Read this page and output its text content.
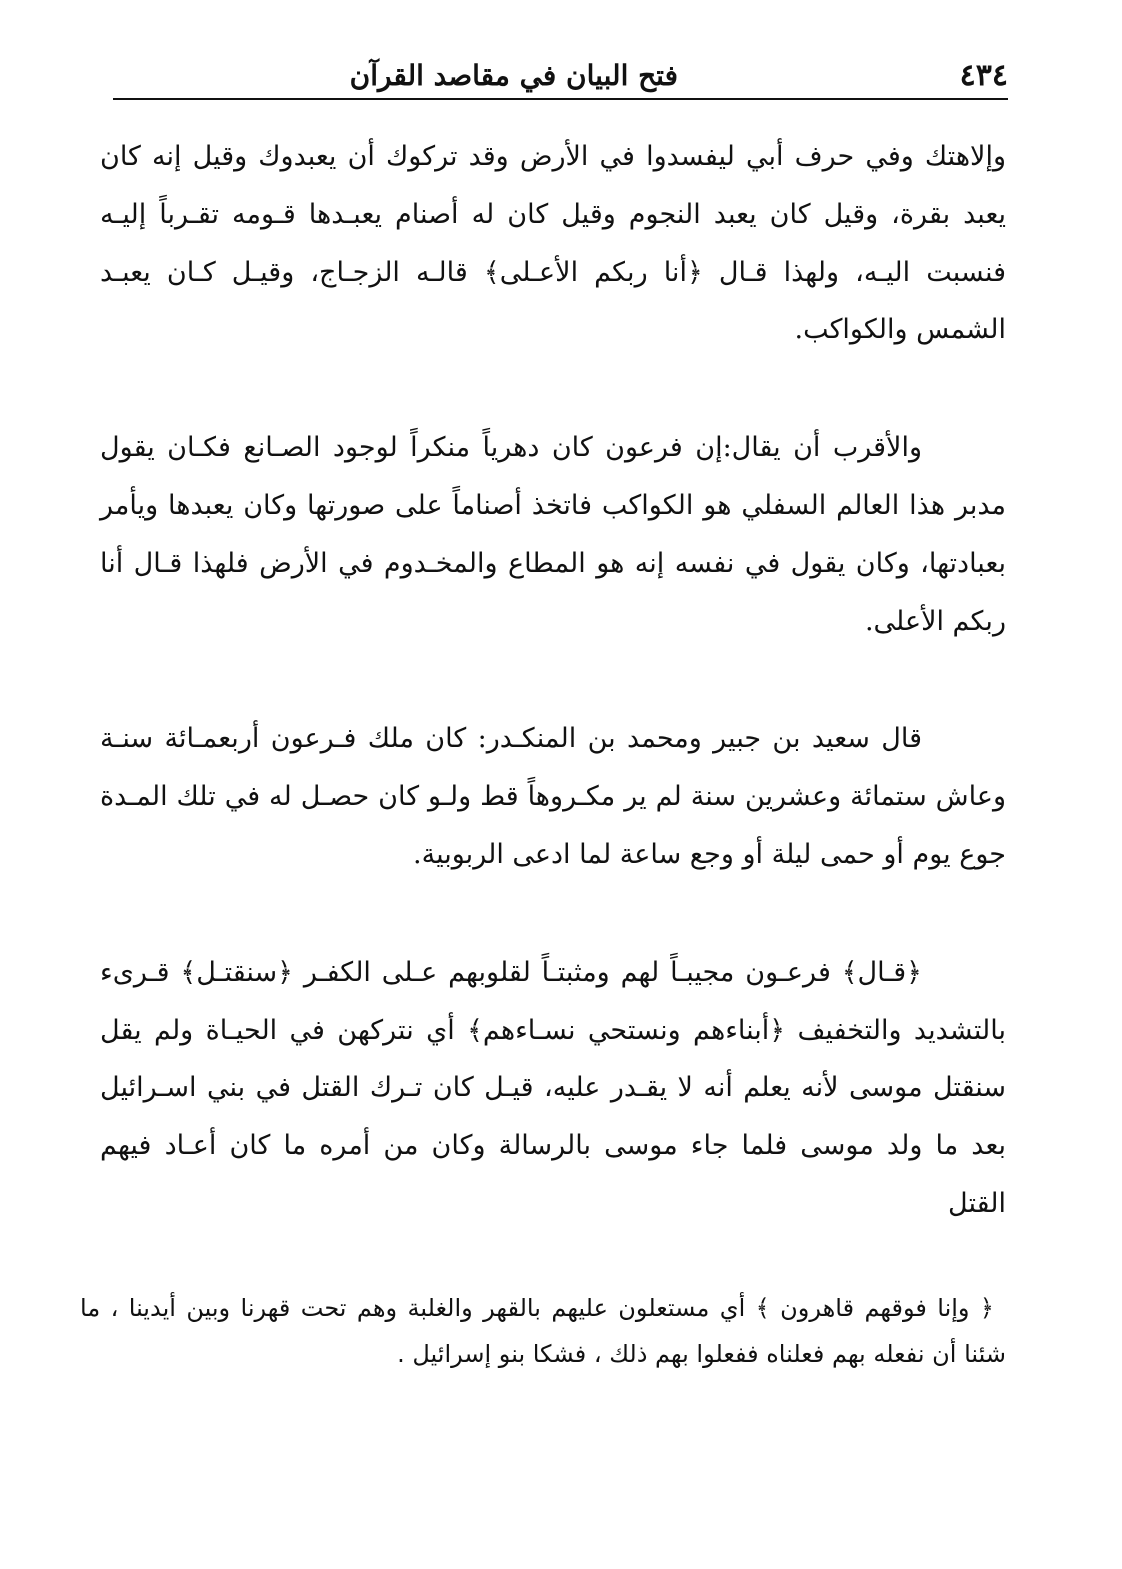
٤٣٤
فتح البيان في مقاصد القرآن

وإلاهتك وفي حرف أبي ليفسدوا في الأرض وقد تركوك أن يعبدوك وقيل إنه كان يعبد بقرة، وقيل كان يعبد النجوم وقيل كان له أصنام يعبـدها قـومه تقـرباً إليـه فنسبت اليـه، ولهذا قـال ﴿أنا ربكم الأعـلى﴾ قالـه الزجـاج، وقيـل كـان يعبـد الشمس والكواكب.

والأقرب أن يقال:إن فرعون كان دهرياً منكراً لوجود الصـانع فكـان يقول مدبر هذا العالم السفلي هو الكواكب فاتخذ أصناماً على صورتها وكان يعبدها ويأمر بعبادتها، وكان يقول في نفسه إنه هو المطاع والمخـدوم في الأرض فلهذا قـال أنا ربكم الأعلى.

قال سعيد بن جبير ومحمد بن المنكـدر: كان ملك فـرعون أربعمـائة سنـة وعاش ستمائة وعشرين سنة لم ير مكـروهاً قط ولـو كان حصـل له في تلك المـدة جوع يوم أو حمى ليلة أو وجع ساعة لما ادعى الربوبية.

﴿قـال﴾ فرعـون مجيبـاً لهم ومثبتـاً لقلوبهم عـلى الكفـر ﴿سنقتـل﴾ قـرىء بالتشديد والتخفيف ﴿أبناءهم ونستحي نسـاءهم﴾ أي نتركهن في الحيـاة ولم يقل سنقتل موسى لأنه يعلم أنه لا يقـدر عليه، قيـل كان تـرك القتل في بني اسـرائيل بعد ما ولد موسى فلما جاء موسى بالرسالة وكان من أمره ما كان أعـاد فيهم القتل

﴿ وإنا فوقهم قاهرون ﴾ أي مستعلون عليهم بالقهر والغلبة وهم تحت قهرنا وبين أيدينا ، ما شئنا أن نفعله بهم فعلناه ففعلوا بهم ذلك ، فشكا بنو إسرائيل .
